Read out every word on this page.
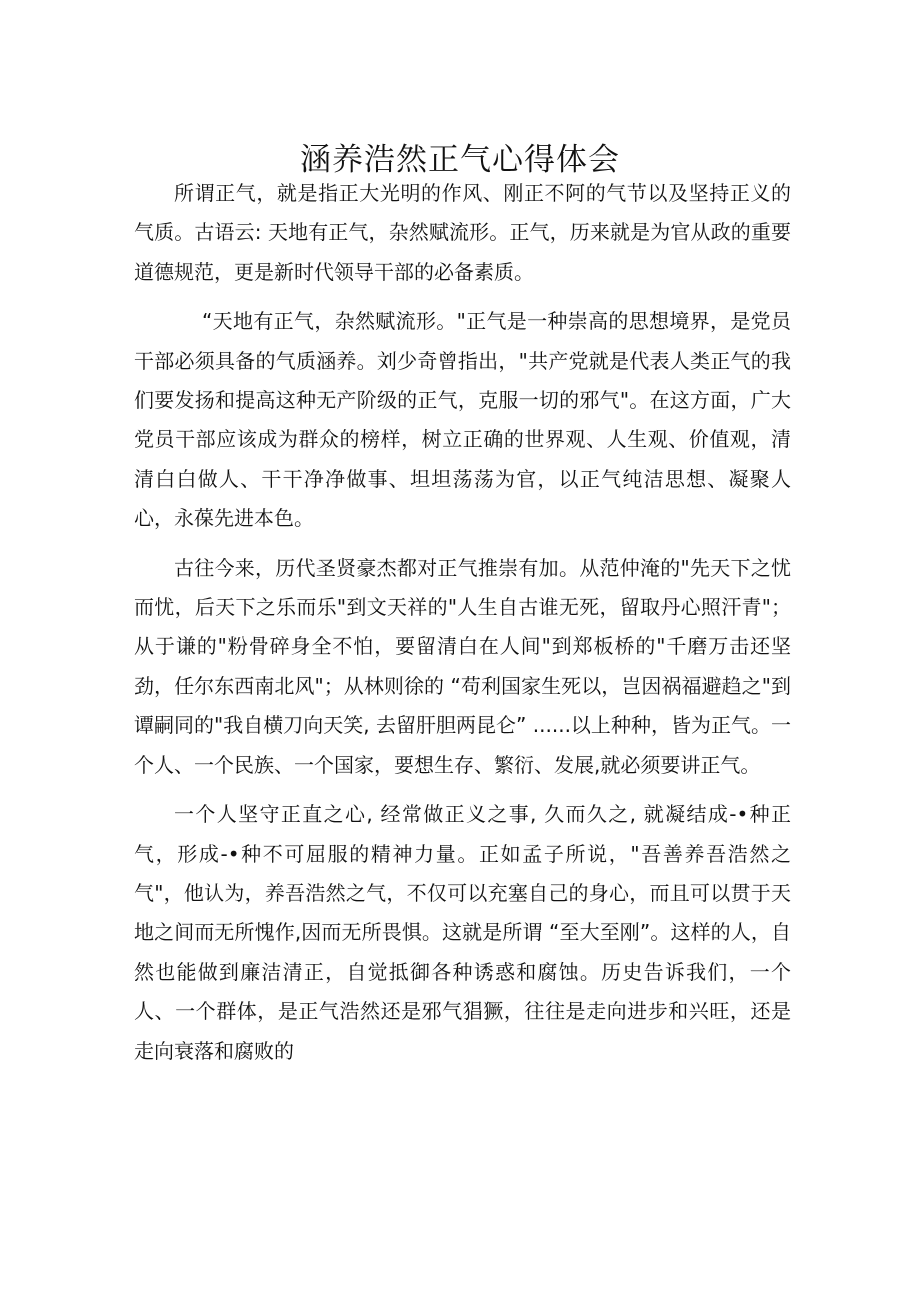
涵养浩然正气心得体会

所谓正气，就是指正大光明的作风、刚正不阿的气节以及坚持正义的气质。古语云: 天地有正气，杂然赋流形。正气，历来就是为官从政的重要道德规范，更是新时代领导干部的必备素质。

“天地有正气，杂然赋流形。"正气是一种崇高的思想境界，是党员干部必须具备的气质涵养。刘少奇曾指出，"共产党就是代表人类正气的我们要发扬和提高这种无产阶级的正气，克服一切的邪气"。在这方面，广大党员干部应该成为群众的榜样，树立正确的世界观、人生观、价值观，清清白白做人、干干净净做事、坦坦荡荡为官，以正气纯洁思想、凝聚人心，永葆先进本色。

古往今来，历代圣贤豪杰都对正气推崇有加。从范仲淹的"先天下之忧而忧，后天下之乐而乐"到文天祥的"人生自古谁无死，留取丹心照汗青"；从于谦的"粉骨碎身全不怕，要留清白在人间"到郑板桥的"千磨万击还坚劲，任尔东西南北风"；从林则徐的 “苟利国家生死以，岂因祸福避趋之"到谭嗣同的"我自横刀向天笑, 去留肝胆两昆仑” ......以上种种，皆为正气。一个人、一个民族、一个国家，要想生存、繁衍、发展,就必须要讲正气。

一个人坚守正直之心, 经常做正义之事, 久而久之, 就凝结成-•种正气，形成-•种不可屈服的精神力量。正如孟子所说，"吾善养吾浩然之气"，他认为，养吾浩然之气，不仅可以充塞自己的身心，而且可以贯于天地之间而无所愧作,因而无所畏惧。这就是所谓 “至大至刚”。这样的人，自然也能做到廉洁清正，自觉抵御各种诱惑和腐蚀。历史告诉我们，一个人、一个群体，是正气浩然还是邪气猖獗，往往是走向进步和兴旺，还是走向衰落和腐败的
